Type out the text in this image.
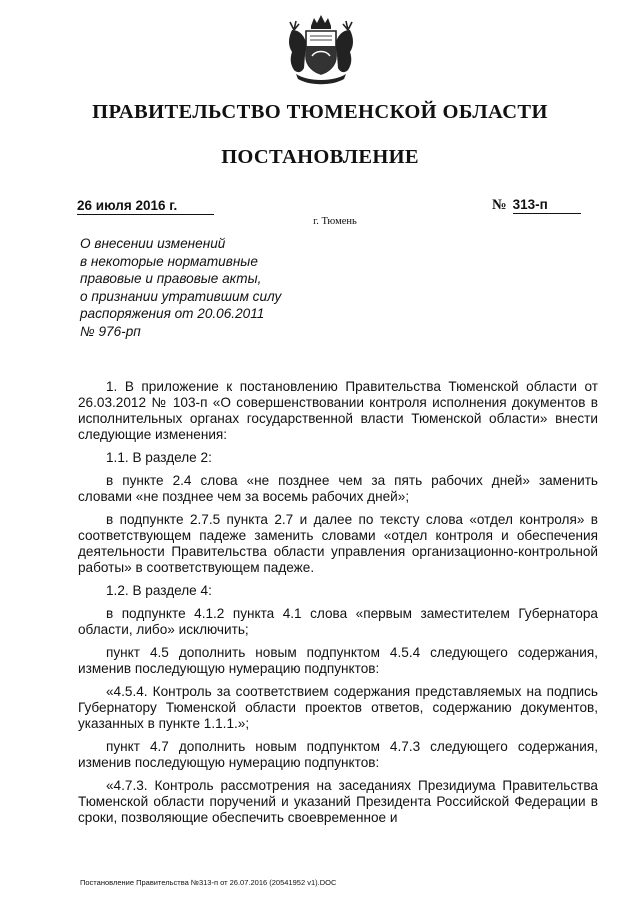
ПРАВИТЕЛЬСТВО ТЮМЕНСКОЙ ОБЛАСТИ
ПОСТАНОВЛЕНИЕ
26 июля 2016 г.	№ 313-п
г. Тюмень
О внесении изменений
в некоторые нормативные
правовые и правовые акты,
о признании утратившим силу
распоряжения от 20.06.2011
№ 976-рп

1. В приложение к постановлению Правительства Тюменской области от 26.03.2012 № 103-п «О совершенствовании контроля исполнения документов в исполнительных органах государственной власти Тюменской области» внести следующие изменения:

1.1. В разделе 2:

в пункте 2.4 слова «не позднее чем за пять рабочих дней» заменить словами «не позднее чем за восемь рабочих дней»;

в подпункте 2.7.5 пункта 2.7 и далее по тексту слова «отдел контроля» в соответствующем падеже заменить словами «отдел контроля и обеспечения деятельности Правительства области управления организационно-контрольной работы» в соответствующем падеже.

1.2. В разделе 4:

в подпункте 4.1.2 пункта 4.1 слова «первым заместителем Губернатора области, либо» исключить;

пункт 4.5 дополнить новым подпунктом 4.5.4 следующего содержания, изменив последующую нумерацию подпунктов:

«4.5.4. Контроль за соответствием содержания представляемых на подпись Губернатору Тюменской области проектов ответов, содержанию документов, указанных в пункте 1.1.1.»;

пункт 4.7 дополнить новым подпунктом 4.7.3 следующего содержания, изменив последующую нумерацию подпунктов:

«4.7.3. Контроль рассмотрения на заседаниях Президиума Правительства Тюменской области поручений и указаний Президента Российской Федерации в сроки, позволяющие обеспечить своевременное и

Постановление Правительства №313-п от 26.07.2016 (20541952 v1).DOC
